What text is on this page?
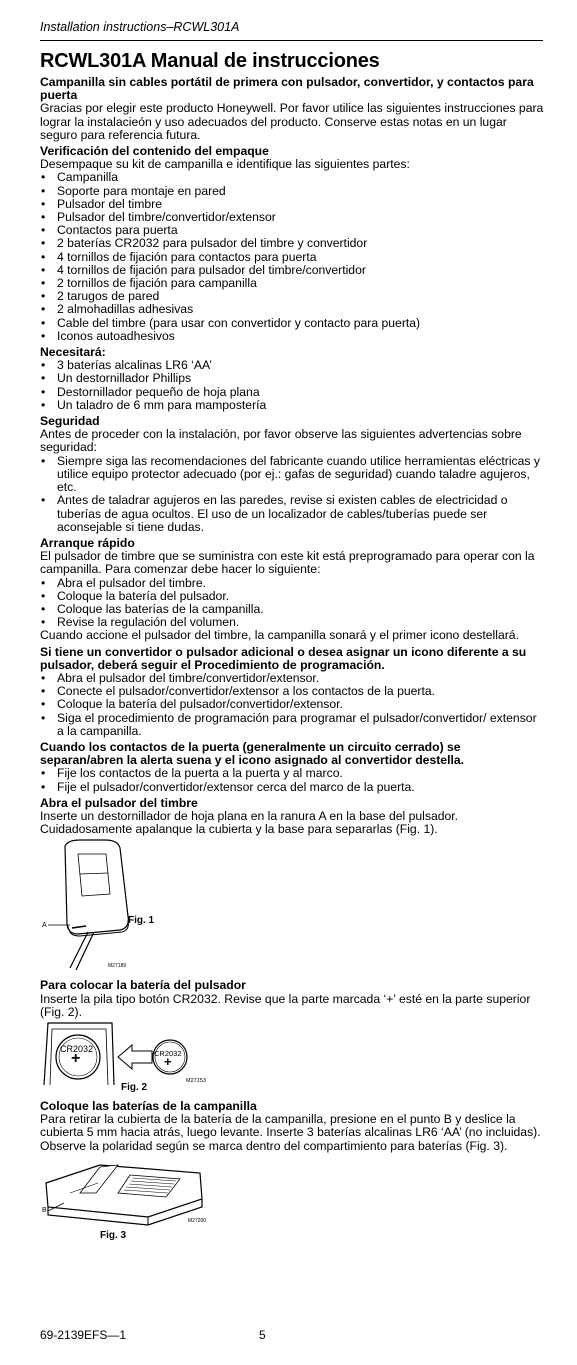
Installation instructions–RCWL301A
RCWL301A Manual de instrucciones

Campanilla sin cables portátil de primera con pulsador, convertidor, y contactos para puerta

Gracias por elegir este producto Honeywell. Por favor utilice las siguientes instrucciones para lograr la instalacieón y uso adecuados del producto. Conserve estas notas en un lugar seguro para referencia futura.

Verificación del contenido del empaque

Desempaque su kit de campanilla e identifique las siguientes partes:

• Campanilla
• Soporte para montaje en pared
• Pulsador del timbre
• Pulsador del timbre/convertidor/extensor
• Contactos para puerta
• 2 baterías CR2032 para pulsador del timbre y convertidor
• 4 tornillos de fijación para contactos para puerta
• 4 tornillos de fijación para pulsador del timbre/convertidor
• 2 tornillos de fijación para campanilla
• 2 tarugos de pared
• 2 almohadillas adhesivas
• Cable del timbre (para usar con convertidor y contacto para puerta)
• Iconos autoadhesivos

Necesitará:

• 3 baterías alcalinas LR6 ‘AA’
• Un destornillador Phillips
• Destornillador pequeño de hoja plana
• Un taladro de 6 mm para mampostería

Seguridad

Antes de proceder con la instalación, por favor observe las siguientes advertencias sobre seguridad:

• Siempre siga las recomendaciones del fabricante cuando utilice herramientas eléctricas y utilice equipo protector adecuado (por ej.: gafas de seguridad) cuando taladre agujeros, etc.
• Antes de taladrar agujeros en las paredes, revise si existen cables de electricidad o tuberías de agua ocultos. El uso de un localizador de cables/tuberías puede ser aconsejable si tiene dudas.

Arranque rápido

El pulsador de timbre que se suministra con este kit está preprogramado para operar con la campanilla. Para comenzar debe hacer lo siguiente:

• Abra el pulsador del timbre.
• Coloque la batería del pulsador.
• Coloque las baterías de la campanilla.
• Revise la regulación del volumen.

Cuando accione el pulsador del timbre, la campanilla sonará y el primer icono destellará.

Si tiene un convertidor o pulsador adicional o desea asignar un icono diferente a su pulsador, deberá seguir el Procedimiento de programación.

• Abra el pulsador del timbre/convertidor/extensor.
• Conecte el pulsador/convertidor/extensor a los contactos de la puerta.
• Coloque la batería del pulsador/convertidor/extensor.
• Siga el procedimiento de programación para programar el pulsador/convertidor/ extensor a la campanilla.

Cuando los contactos de la puerta (generalmente un circuito cerrado) se separan/abren la alerta suena y el icono asignado al convertidor destella.

• Fije los contactos de la puerta a la puerta y al marco.
• Fije el pulsador/convertidor/extensor cerca del marco de la puerta.

Abra el pulsador del timbre

Inserte un destornillador de hoja plana en la ranura A en la base del pulsador. Cuidadosamente apalanque la cubierta y la base para separarlas (Fig. 1).

A	Fig. 1
M27189

Para colocar la batería del pulsador

Inserte la pila tipo botón CR2032. Revise que la parte marcada ‘+’ esté en la parte superior (Fig. 2).

CR2032
+	CR2032
+
Fig. 2
M27153

Coloque las baterías de la campanilla

Para retirar la cubierta de la batería de la campanilla, presione en el punto B y deslice la cubierta 5 mm hacia atrás, luego levante. Inserte 3 baterías alcalinas LR6 ‘AA’ (no incluidas). Observe la polaridad según se marca dentro del compartimiento para baterías (Fig. 3).

B
Fig. 3
M27200
69-2139EFS—1	5
